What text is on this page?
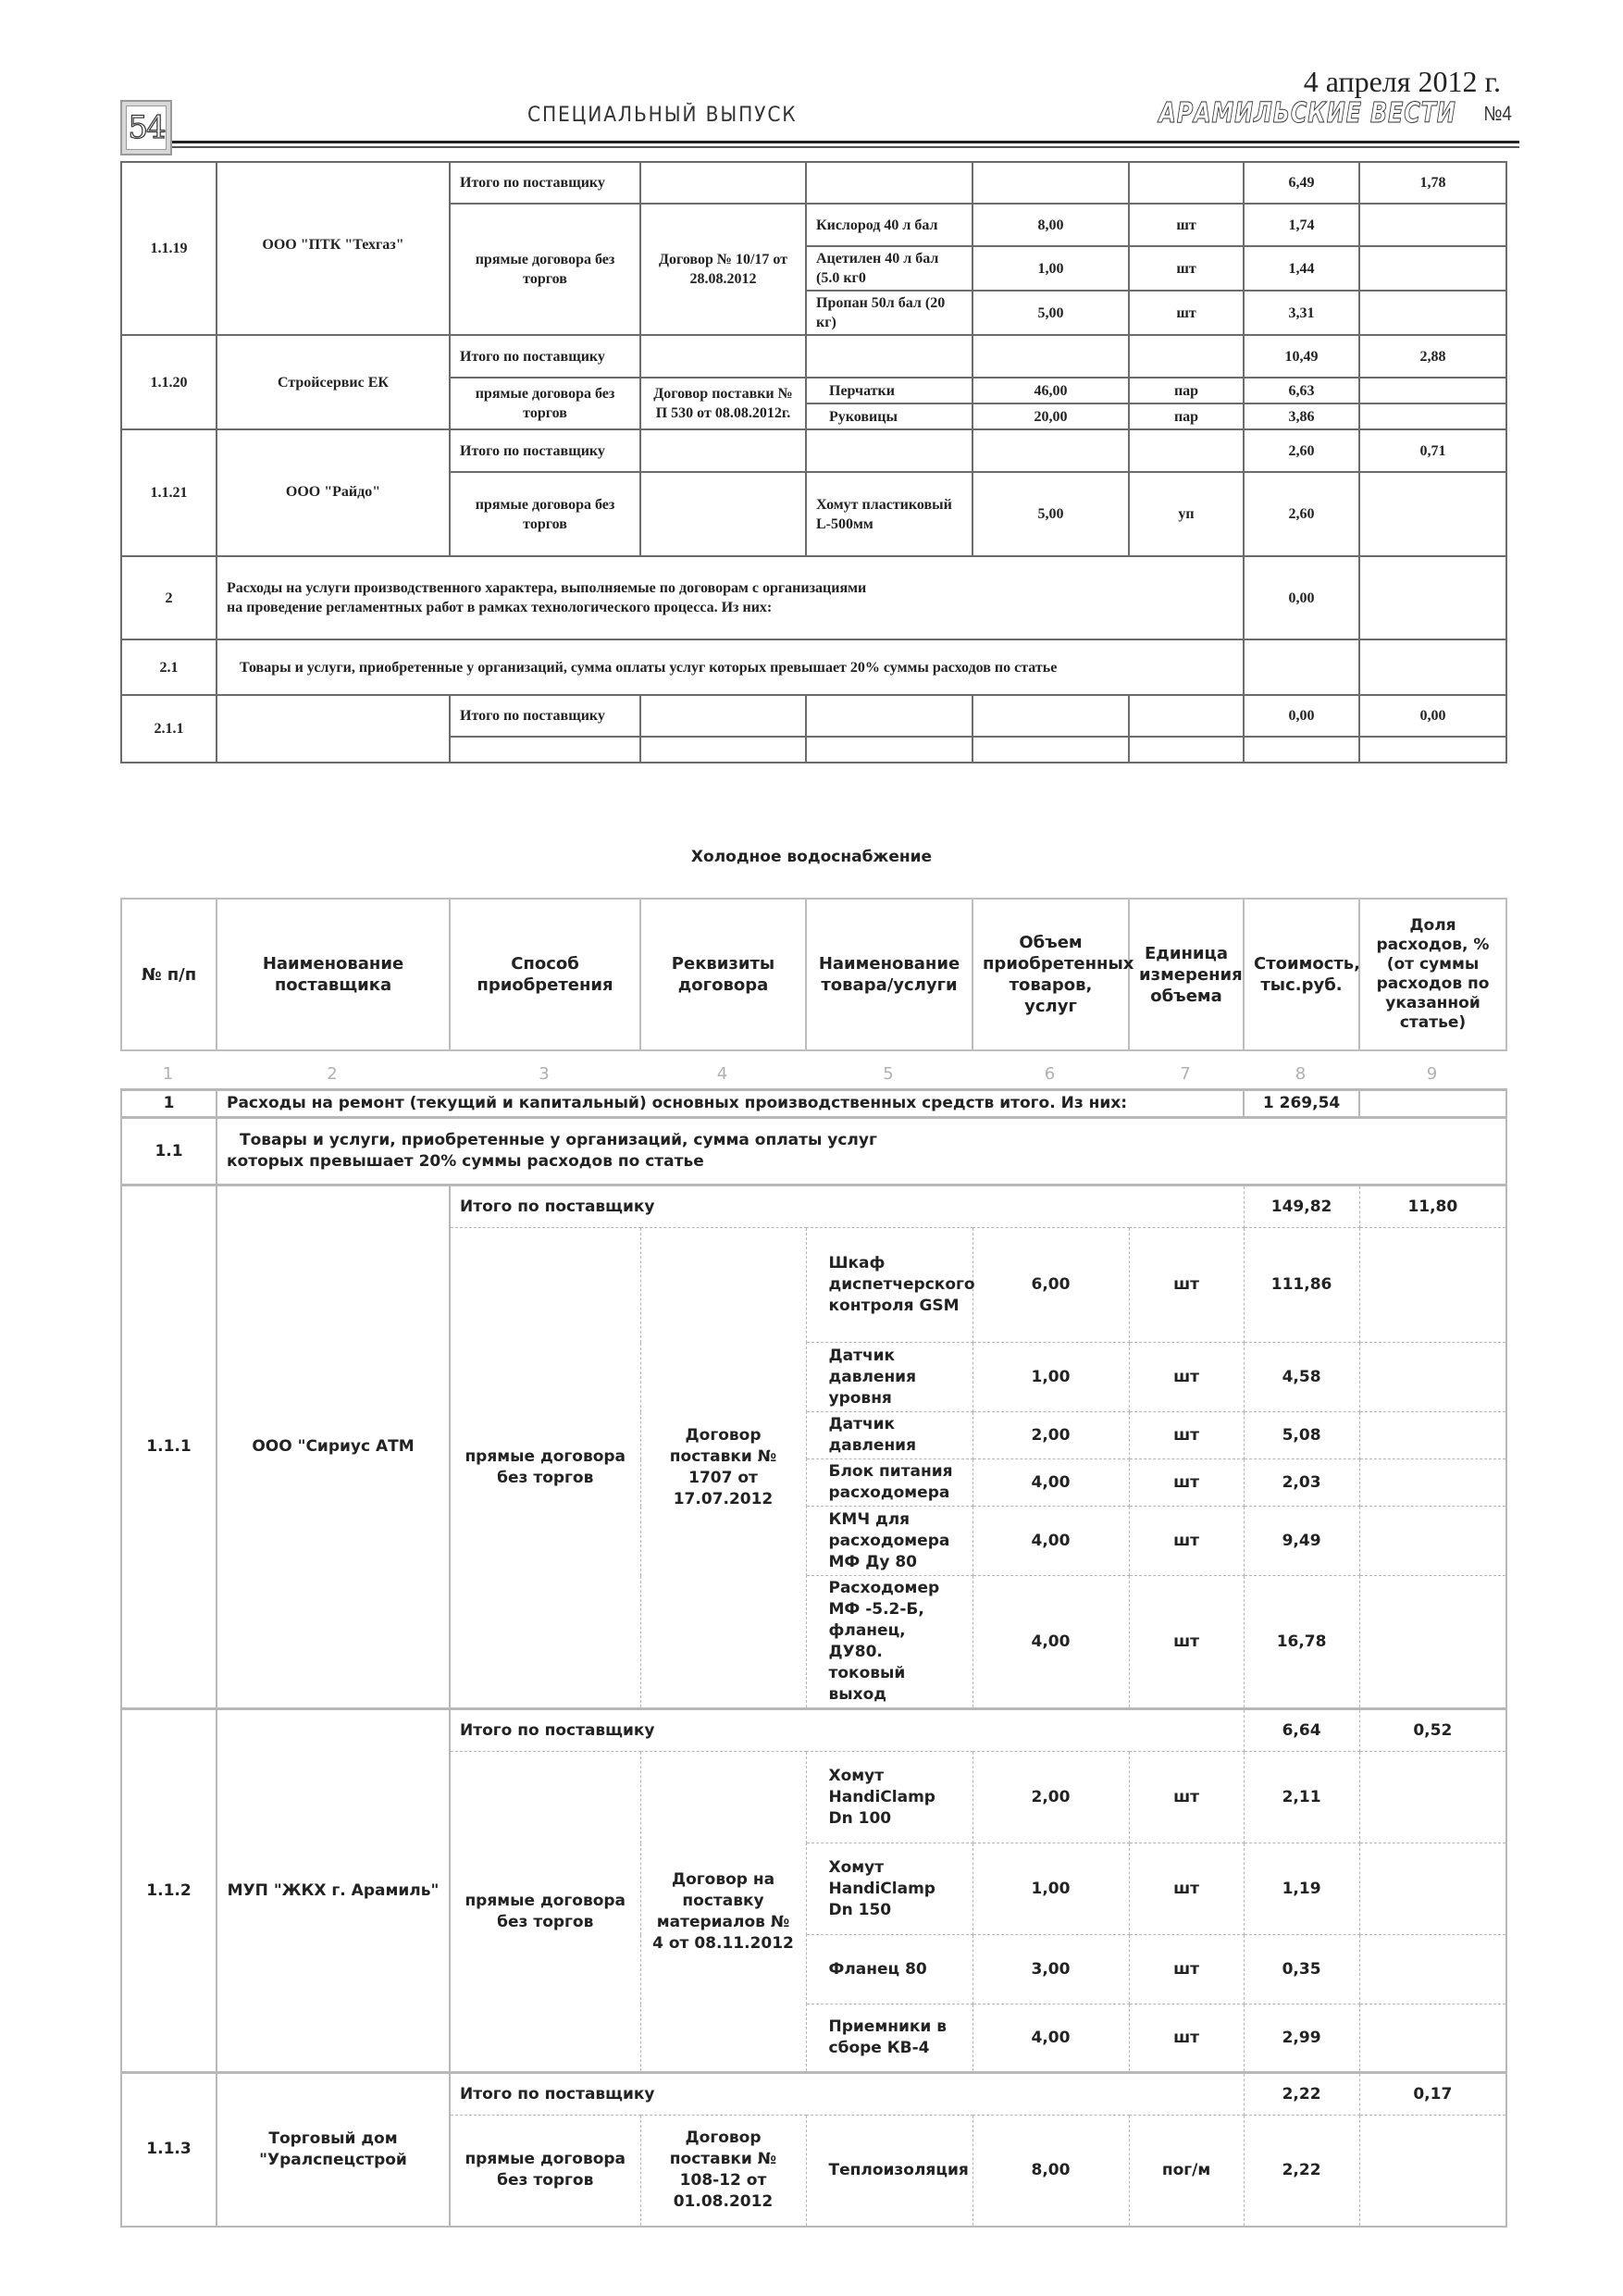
54	СПЕЦИАЛЬНЫЙ ВЫПУСК
4 апреля 2012 г.
АРАМИЛЬСКИЕ ВЕСТИ №4
1.1.19	ООО "ПТК "Техгаз"	Итого по поставщику					6,49	1,78
		прямые договора без торгов	Договор № 10/17 от 28.08.2012	Кислород 40 л бал	8,00	шт	1,74	
				Ацетилен 40 л бал (5.0 кг0	1,00	шт	1,44	
				Пропан 50л бал (20 кг)	5,00	шт	3,31	
1.1.20	Стройсервис ЕК	Итого по поставщику					10,49	2,88
		прямые договора без торгов	Договор поставки № П 530 от 08.08.2012г.	Перчатки	46,00	пар	6,63	
				Руковицы	20,00	пар	3,86	
1.1.21	ООО "Райдо"	Итого по поставщику					2,60	0,71
		прямые договора без торгов		Хомут пластиковый L-500мм	5,00	уп	2,60	
2	Расходы на услуги производственного характера, выполняемые по договорам с организациями
на проведение регламентных работ в рамках технологического процесса. Из них:						0,00	
2.1	Товары и услуги, приобретенные у организаций, сумма оплаты услуг которых превышает 20% суммы расходов по статье							
2.1.1		Итого по поставщику					0,00	0,00

Холодное водоснабжение
№ п/п	Наименование поставщика	Способ приобретения	Реквизиты договора	Наименование товара/услуги	Объем приобретенных товаров, услуг	Единица измерения объема	Стоимость, тыс.руб.	Доля расходов, % (от суммы расходов по указанной статье)
1	2	3	4	5	6	7	8	9
1	Расходы на ремонт (текущий и капитальный) основных производственных средств итого. Из них:						1 269,54	
1.1	Товары и услуги, приобретенные у организаций, сумма оплаты услуг
которых превышает 20% суммы расходов по статье							

1.1.1	ООО "Сириус АТМ	Итого по поставщику					149,82	11,80
		прямые договора без торгов	Договор поставки № 1707 от 17.07.2012	Шкаф диспетчерского контроля GSM	6,00	шт	111,86	
				Датчик давления уровня	1,00	шт	4,58	
				Датчик давления	2,00	шт	5,08	
				Блок питания расходомера	4,00	шт	2,03	
				КМЧ для расходомера МФ Ду 80	4,00	шт	9,49	
				Расходомер МФ -5.2-Б, фланец, ДУ80. токовый выход	4,00	шт	16,78	
1.1.2	МУП "ЖКХ г. Арамиль"	Итого по поставщику					6,64	0,52
		прямые договора без торгов	Договор на поставку материалов № 4 от 08.11.2012	Хомут HandiClamp Dn 100	2,00	шт	2,11	
				Хомут HandiClamp Dn 150	1,00	шт	1,19	
				Фланец 80	3,00	шт	0,35	
				Приемники в сборе КВ-4	4,00	шт	2,99	
1.1.3	Торговый дом "Уралспецстрой	Итого по поставщику					2,22	0,17
		прямые договора без торгов	Договор поставки № 108-12 от 01.08.2012	Теплоизоляция	8,00	пог/м	2,22	
